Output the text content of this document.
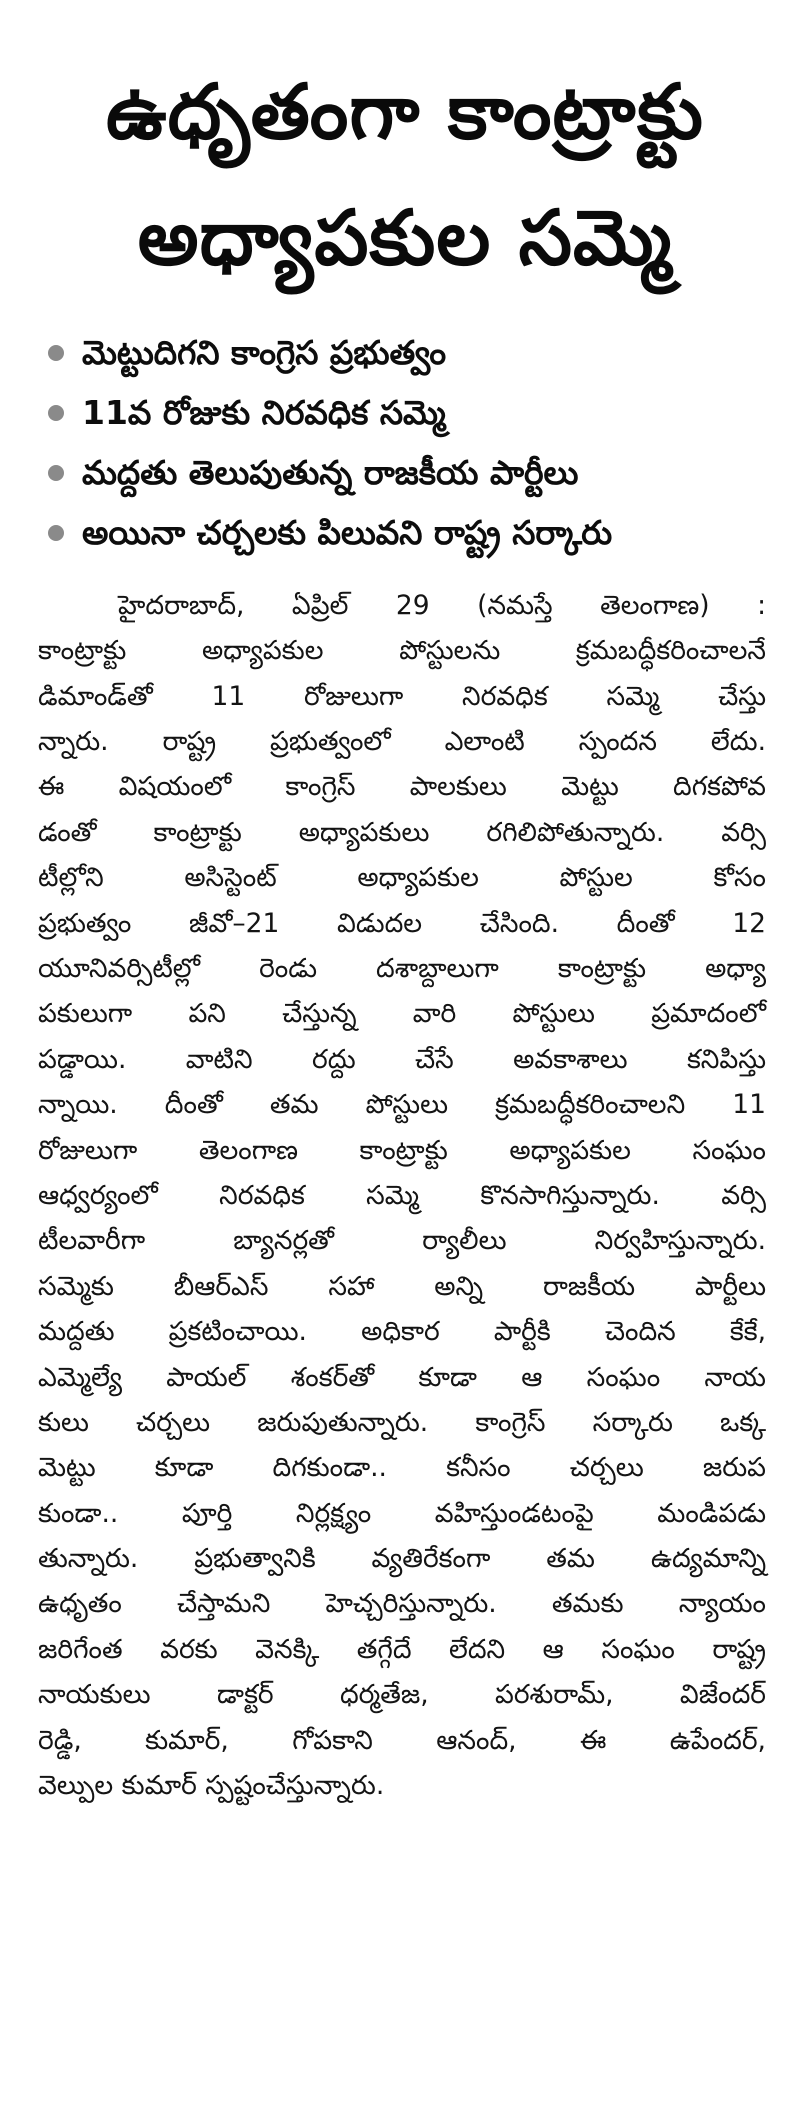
ఉధృతంగా కాంట్రాక్టు
అధ్యాపకుల సమ్మె
మెట్టుదిగని కాంగ్రెస ప్రభుత్వం
11వ రోజుకు నిరవధిక సమ్మె
మద్దతు తెలుపుతున్న రాజకీయ పార్టీలు
అయినా చర్చలకు పిలువని రాష్ట్ర సర్కారు
హైదరాబాద్, ఏప్రిల్ 29 (నమస్తే తెలంగాణ) :
కాంట్రాక్టు అధ్యాపకుల పోస్టులను క్రమబద్ధీకరించాలనే
డిమాండ్‌తో 11 రోజులుగా నిరవధిక సమ్మె చేస్తు
న్నారు. రాష్ట్ర ప్రభుత్వంలో ఎలాంటి స్పందన లేదు.
ఈ విషయంలో కాంగ్రెస్ పాలకులు మెట్టు దిగకపోవ
డంతో కాంట్రాక్టు అధ్యాపకులు రగిలిపోతున్నారు. వర్సి
టీల్లోని అసిస్టెంట్ అధ్యాపకుల పోస్టుల కోసం
ప్రభుత్వం జీవో–21 విడుదల చేసింది. దీంతో 12
యూనివర్సిటీల్లో రెండు దశాబ్దాలుగా కాంట్రాక్టు అధ్యా
పకులుగా పని చేస్తున్న వారి పోస్టులు ప్రమాదంలో
పడ్డాయి. వాటిని రద్దు చేసే అవకాశాలు కనిపిస్తు
న్నాయి. దీంతో తమ పోస్టులు క్రమబద్ధీకరించాలని 11
రోజులుగా తెలంగాణ కాంట్రాక్టు అధ్యాపకుల సంఘం
ఆధ్వర్యంలో నిరవధిక సమ్మె కొనసాగిస్తున్నారు. వర్సి
టీలవారీగా బ్యానర్లతో ర్యాలీలు నిర్వహిస్తున్నారు.
సమ్మెకు బీఆర్ఎస్ సహా అన్ని రాజకీయ పార్టీలు
మద్దతు ప్రకటించాయి. అధికార పార్టీకి చెందిన కేకే,
ఎమ్మెల్యే పాయల్ శంకర్‌తో కూడా ఆ సంఘం నాయ
కులు చర్చలు జరుపుతున్నారు. కాంగ్రెస్ సర్కారు ఒక్క
మెట్టు కూడా దిగకుండా.. కనీసం చర్చలు జరుప
కుండా.. పూర్తి నిర్లక్ష్యం వహిస్తుండటంపై మండిపడు
తున్నారు. ప్రభుత్వానికి వ్యతిరేకంగా తమ ఉద్యమాన్ని
ఉధృతం చేస్తామని హెచ్చరిస్తున్నారు. తమకు న్యాయం
జరిగేంత వరకు వెనక్కి తగ్గేదే లేదని ఆ సంఘం రాష్ట్ర
నాయకులు డాక్టర్ ధర్మతేజ, పరశురామ్, విజేందర్
రెడ్డి, కుమార్, గోపకాని ఆనంద్, ఈ ఉపేందర్,
వెల్పుల కుమార్ స్పష్టంచేస్తున్నారు.
